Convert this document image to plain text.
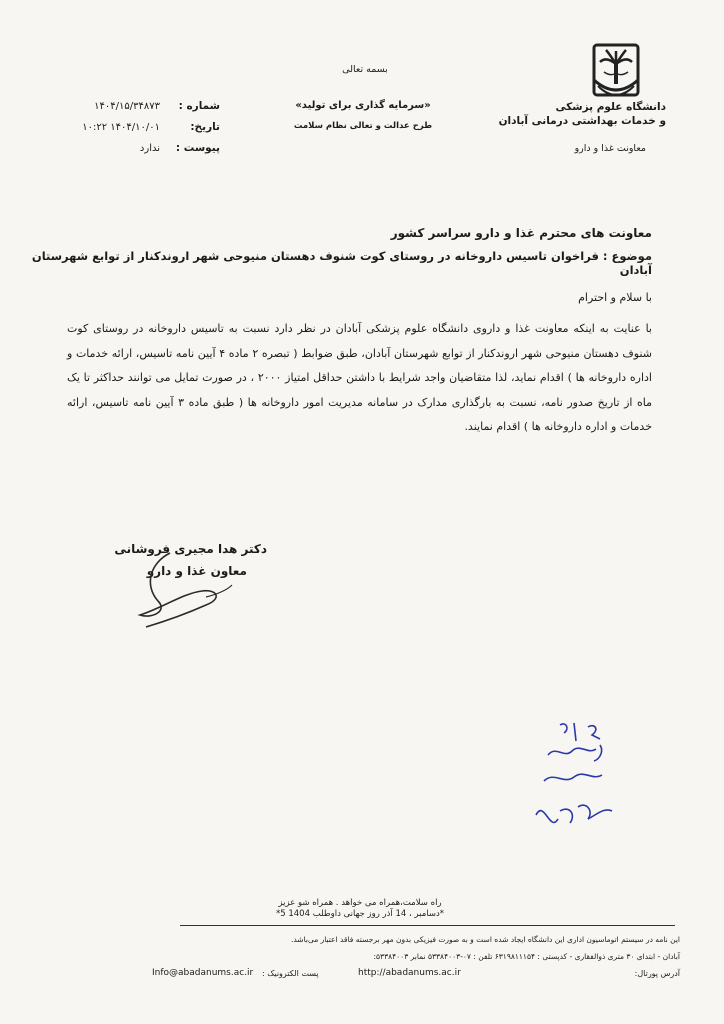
دانشگاه علوم پزشکی
و خدمات بهداشتی درمانی آبادان
معاونت غذا و دارو
بسمه تعالی
«سرمایه گذاری برای تولید»
طرح عدالت و تعالی نظام سلامت
شماره :
تاریخ:
پیوست :
۱۴۰۴/۱۵/۳۴۸۷۳
۱۴۰۴/۱۰/۰۱ ۱۰:۲۲
ندارد
معاونت های محترم غذا و دارو سراسر کشور
موضوع : فراخوان تاسیس داروخانه در روستای کوت شنوف دهستان منیوحی شهر اروندکنار از توابع شهرستان آبادان
با سلام و احترام
با عنایت به اینکه معاونت غذا و داروی دانشگاه علوم پزشکی آبادان در نظر دارد نسبت به تاسیس داروخانه در روستای کوت شنوف دهستان منیوحی شهر اروندکنار از توابع شهرستان آبادان، طبق ضوابط ( تبصره ۲ ماده ۴ آیین نامه تاسیس، ارائه خدمات و اداره داروخانه ها ) اقدام نماید، لذا متقاضیان واجد شرایط با داشتن حداقل امتیاز ۲۰۰۰ ، در صورت تمایل می توانند حداکثر تا یک ماه از تاریخ صدور نامه، نسبت به بارگذاری مدارک در سامانه مدیریت امور داروخانه ها ( طبق ماده ۳ آیین نامه تاسیس، ارائه خدمات و اداره داروخانه ها ) اقدام نمایند.
دکتر هدا مجیری فروشانی
معاون غذا و دارو
راه سلامت،همراه می خواهد . همراه شو عزیز
*دسامبر ، 14 آذر روز جهانی داوطلب 1404 5*
این نامه در سیستم اتوماسیون اداری این دانشگاه ایجاد شده است و به صورت فیزیکی بدون مهر برجسته فاقد اعتبار می‌باشد.
آبادان - ابتدای ۳۰ متری ذوالفقاری - کدپستی : ۶۳۱۹۸۱۱۱۵۴ تلفن : ۰۷-۵۳۳۸۴۰۰۳ نمابر ۵۳۳۸۴۰۰۳:
آدرس پورتال:
http://abadanums.ac.ir
پست الکترونیک :
Info@abadanums.ac.ir
